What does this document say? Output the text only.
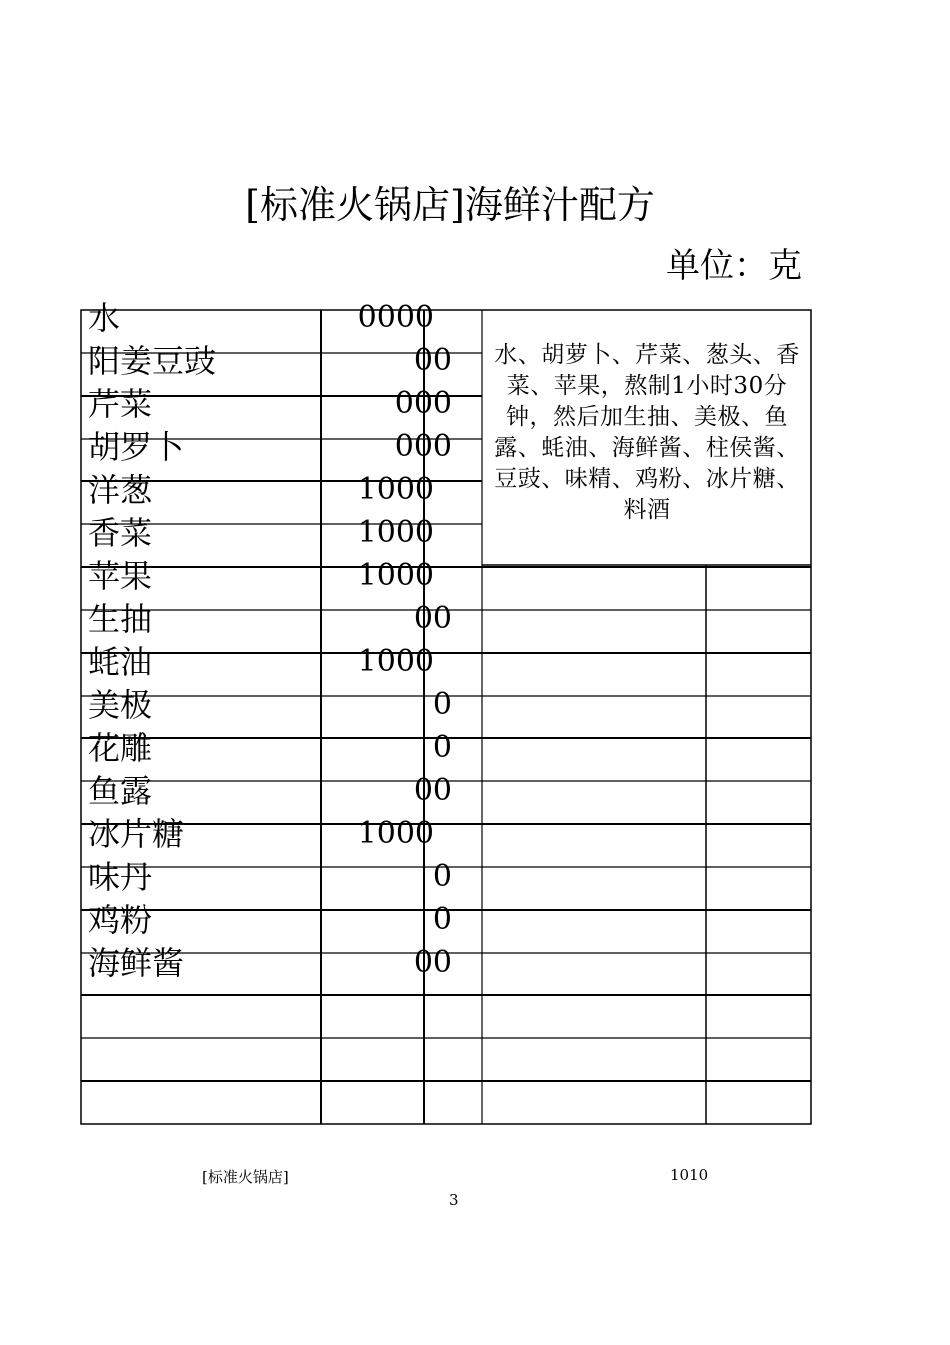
[标准火锅店]海鲜汁配方
单位：克
水	0000
阳姜豆豉	00
芹菜	000
胡罗卜	000
洋葱	1000
香菜	1000
苹果	1000
生抽	00
蚝油	1000
美极	0
花雕	0
鱼露	00
冰片糖	1000
味丹	0
鸡粉	0
海鲜酱	00
水、胡萝卜、芹菜、葱头、香菜、苹果，熬制1小时30分钟，然后加生抽、美极、鱼露、蚝油、海鲜酱、柱侯酱、豆豉、味精、鸡粉、冰片糖、料酒
[标准火锅店]	1010
3
